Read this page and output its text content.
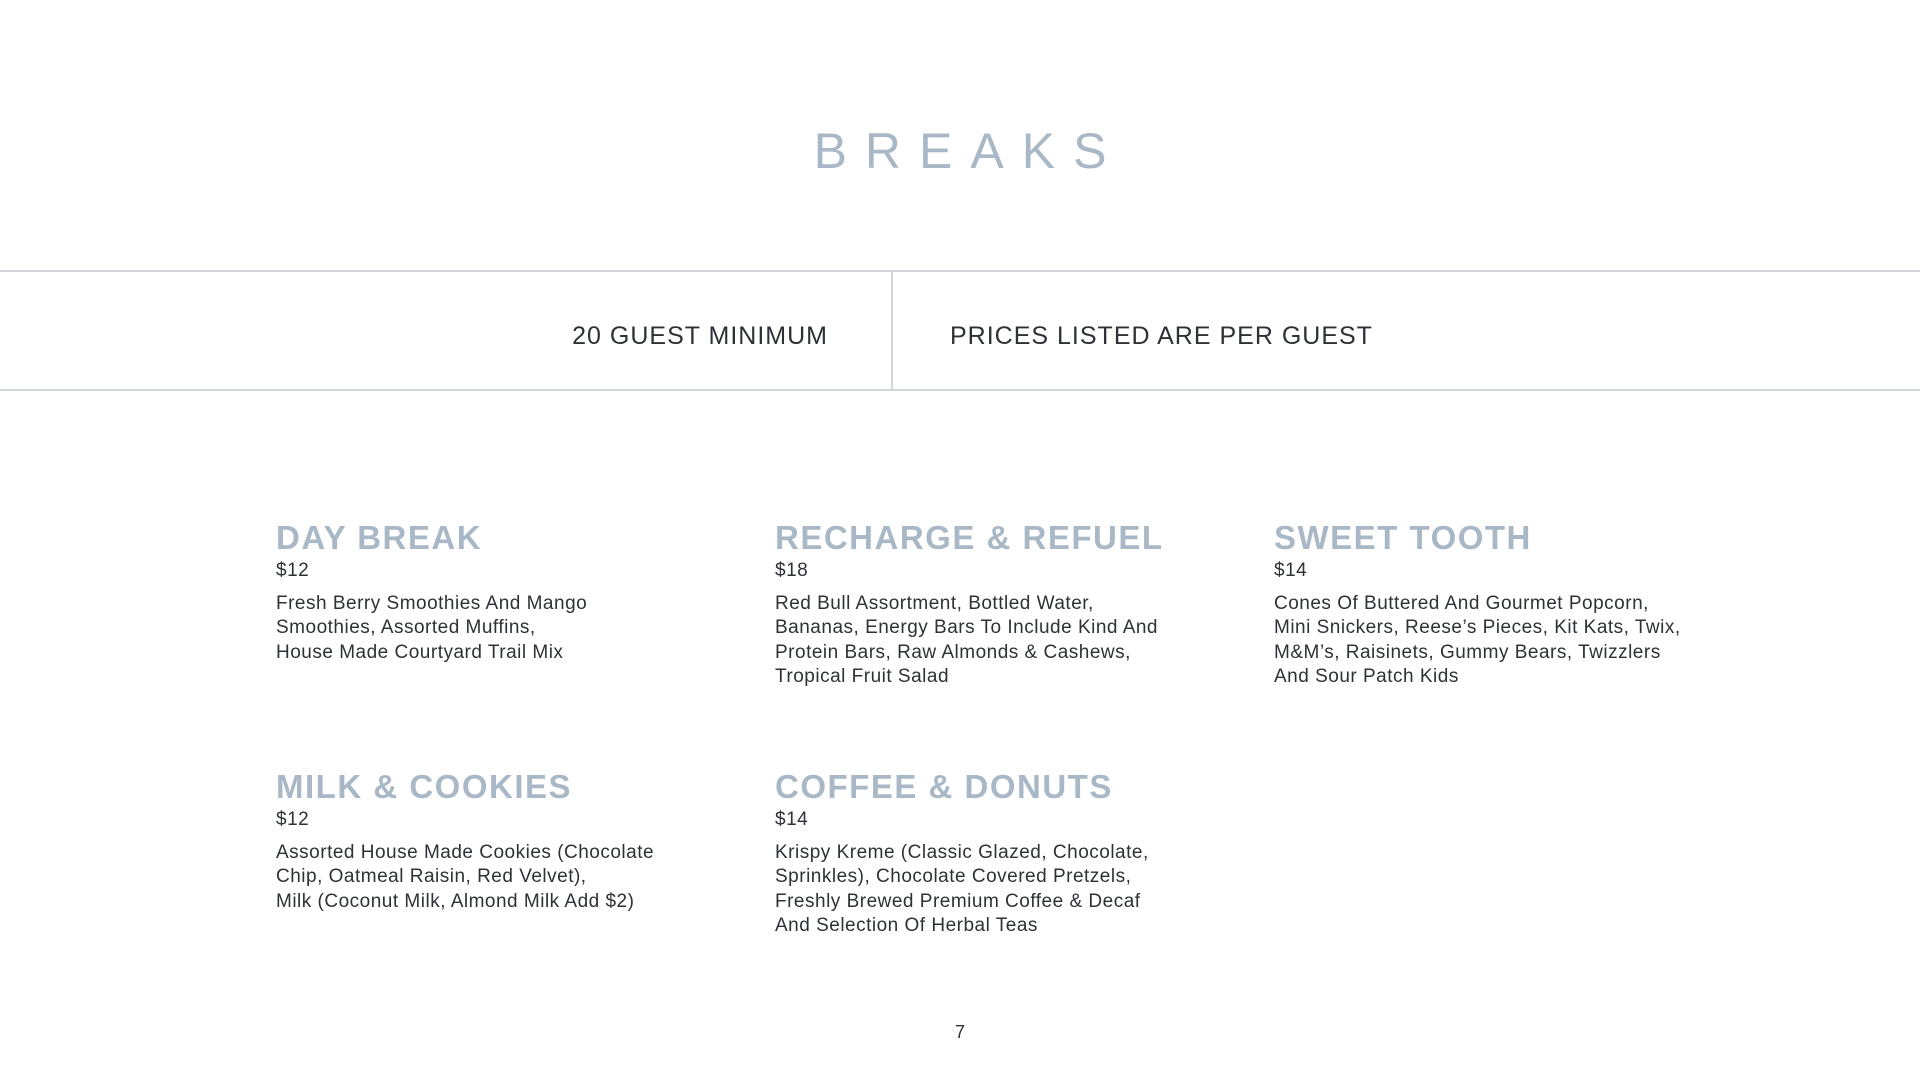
BREAKS
20 GUEST MINIMUM	PRICES LISTED ARE PER GUEST
DAY BREAK
$12
Fresh Berry Smoothies And Mango
Smoothies, Assorted Muffins,
House Made Courtyard Trail Mix
RECHARGE & REFUEL
$18
Red Bull Assortment, Bottled Water,
Bananas, Energy Bars To Include Kind And
Protein Bars, Raw Almonds & Cashews,
Tropical Fruit Salad
SWEET TOOTH
$14
Cones Of Buttered And Gourmet Popcorn,
Mini Snickers, Reese’s Pieces, Kit Kats, Twix,
M&M’s, Raisinets, Gummy Bears, Twizzlers
And Sour Patch Kids
MILK & COOKIES
$12
Assorted House Made Cookies (Chocolate
Chip, Oatmeal Raisin, Red Velvet),
Milk (Coconut Milk, Almond Milk Add $2)
COFFEE & DONUTS
$14
Krispy Kreme (Classic Glazed, Chocolate,
Sprinkles), Chocolate Covered Pretzels,
Freshly Brewed Premium Coffee & Decaf
And Selection Of Herbal Teas
7
